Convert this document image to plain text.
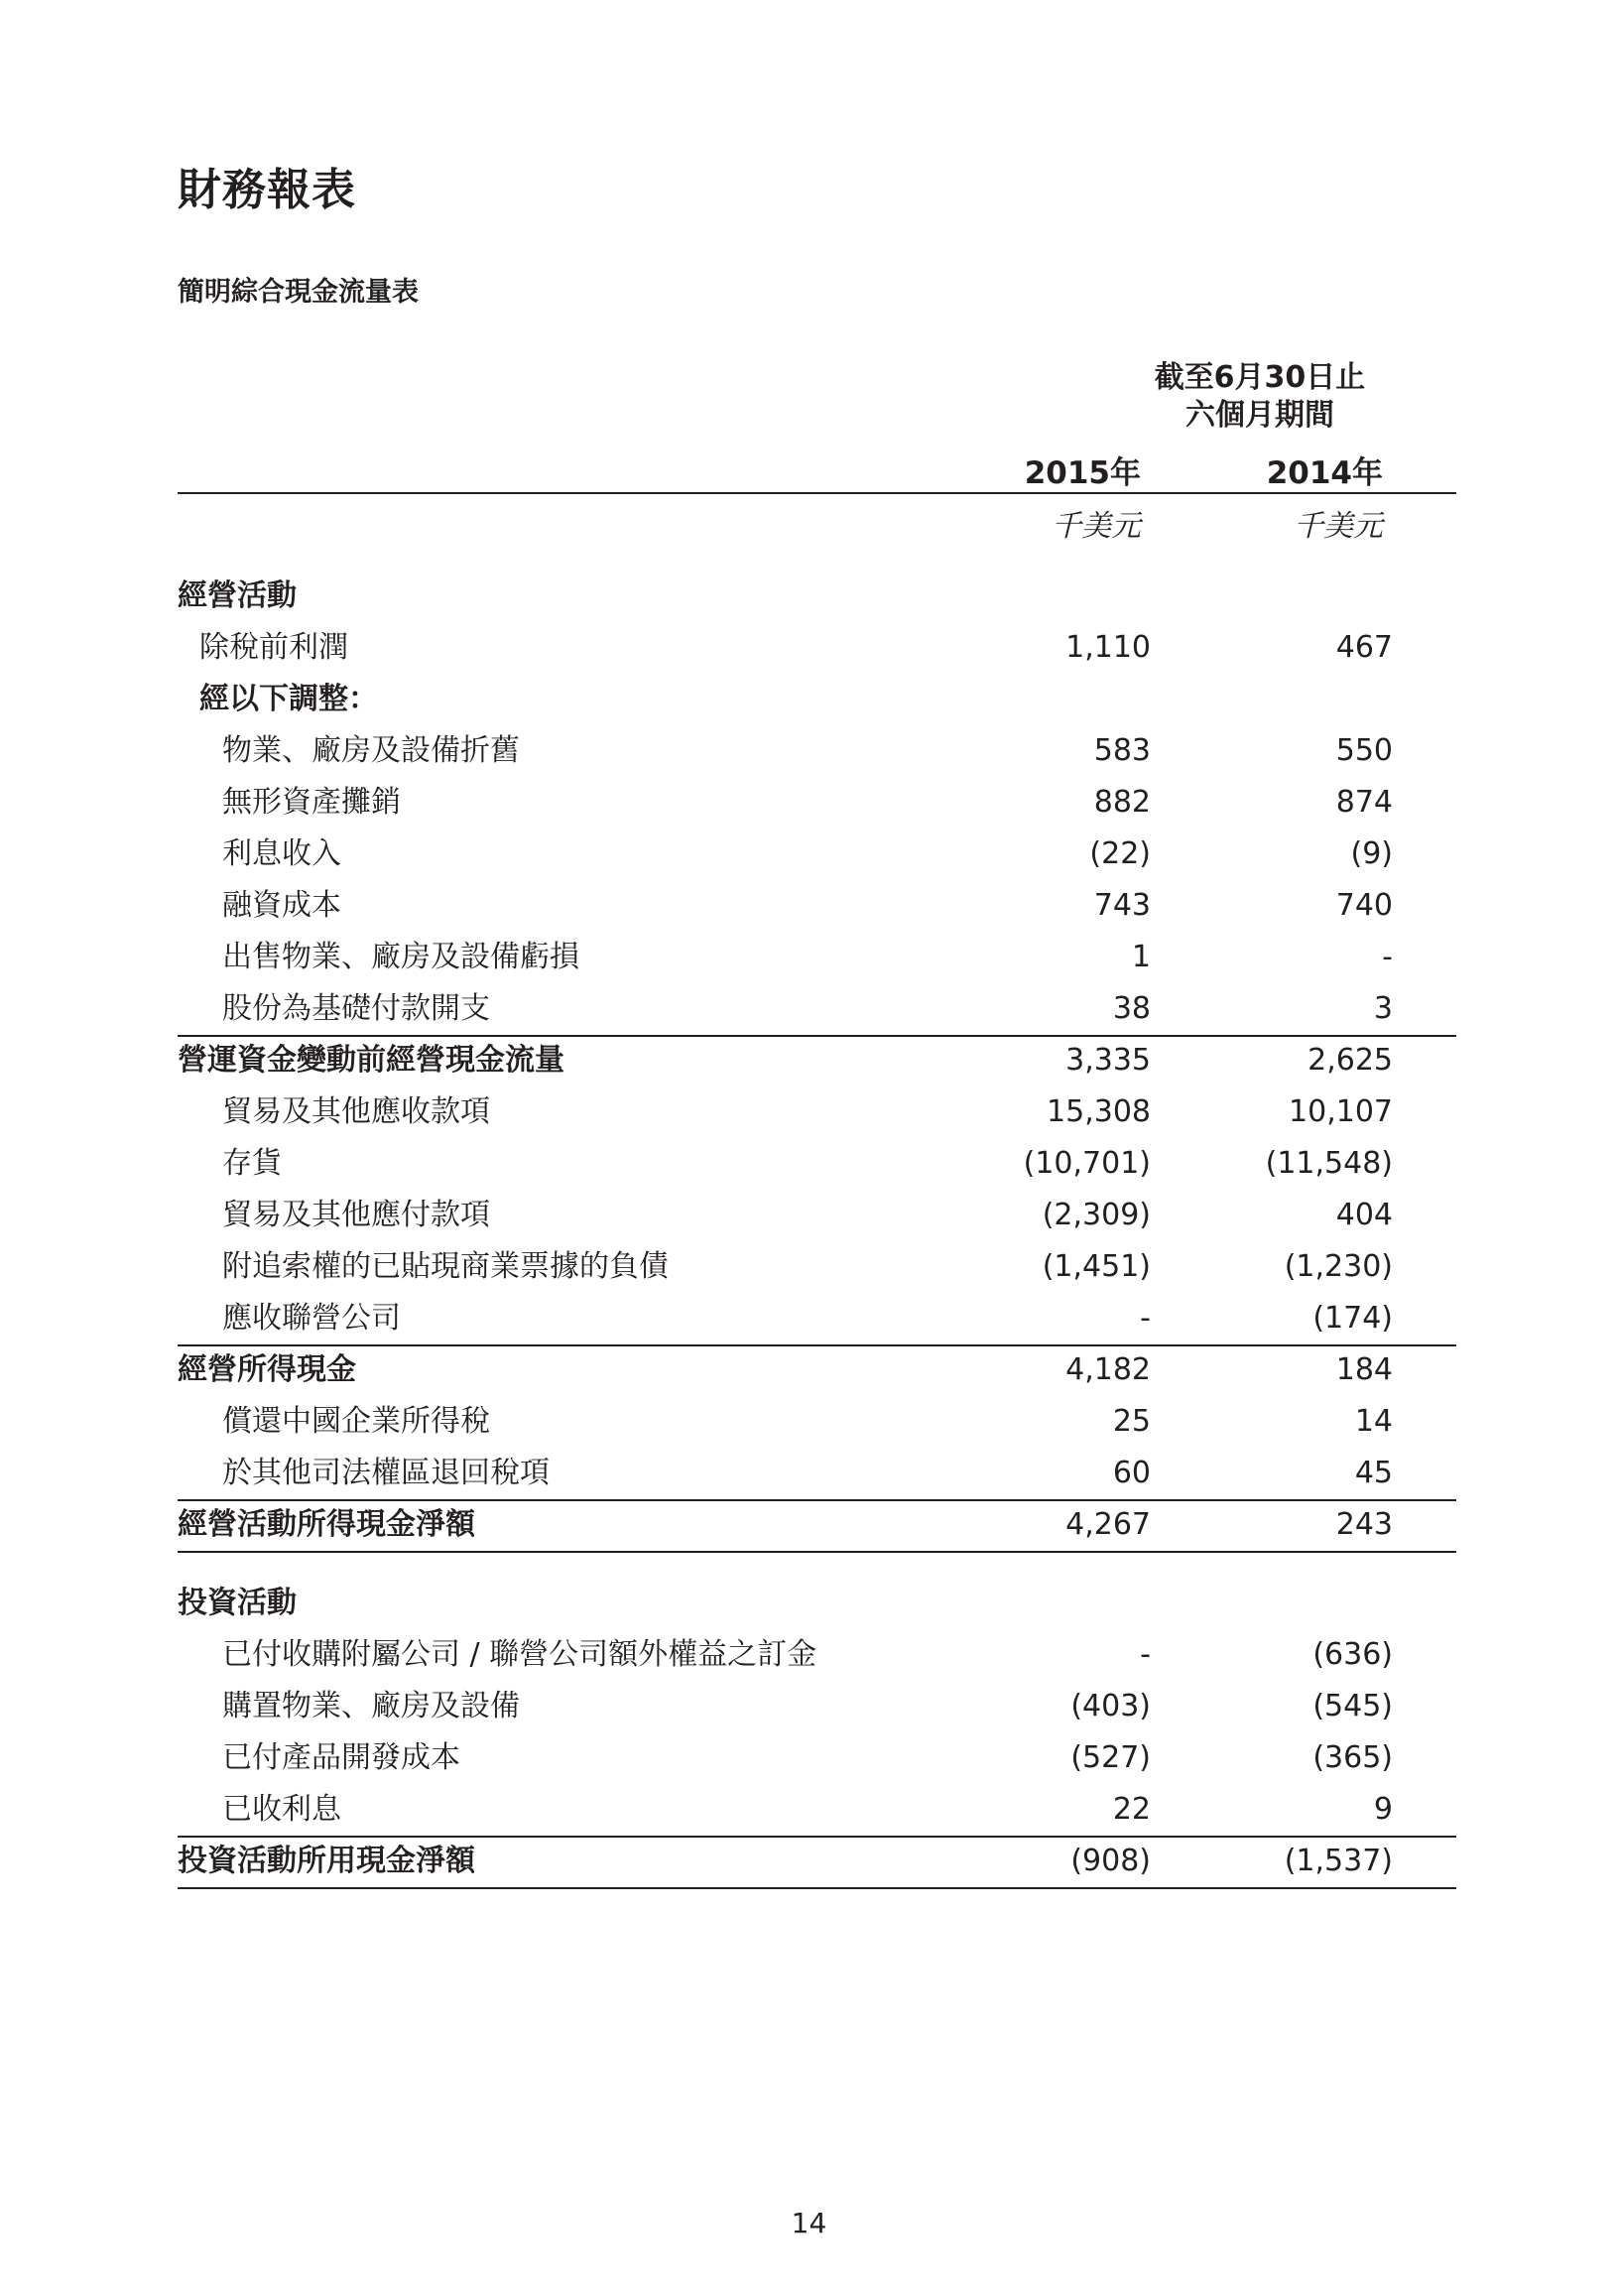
財務報表
簡明綜合現金流量表
截至6月30日止
六個月期間
2015年	2014年
千美元	千美元
經營活動
除稅前利潤	1,110	467
經以下調整：
物業、廠房及設備折舊	583	550
無形資產攤銷	882	874
利息收入	(22)	(9)
融資成本	743	740
出售物業、廠房及設備虧損	1	-
股份為基礎付款開支	38	3
營運資金變動前經營現金流量	3,335	2,625
貿易及其他應收款項	15,308	10,107
存貨	(10,701)	(11,548)
貿易及其他應付款項	(2,309)	404
附追索權的已貼現商業票據的負債	(1,451)	(1,230)
應收聯營公司	-	(174)
經營所得現金	4,182	184
償還中國企業所得稅	25	14
於其他司法權區退回稅項	60	45
經營活動所得現金淨額	4,267	243
投資活動
已付收購附屬公司 / 聯營公司額外權益之訂金	-	(636)
購置物業、廠房及設備	(403)	(545)
已付產品開發成本	(527)	(365)
已收利息	22	9
投資活動所用現金淨額	(908)	(1,537)
14
